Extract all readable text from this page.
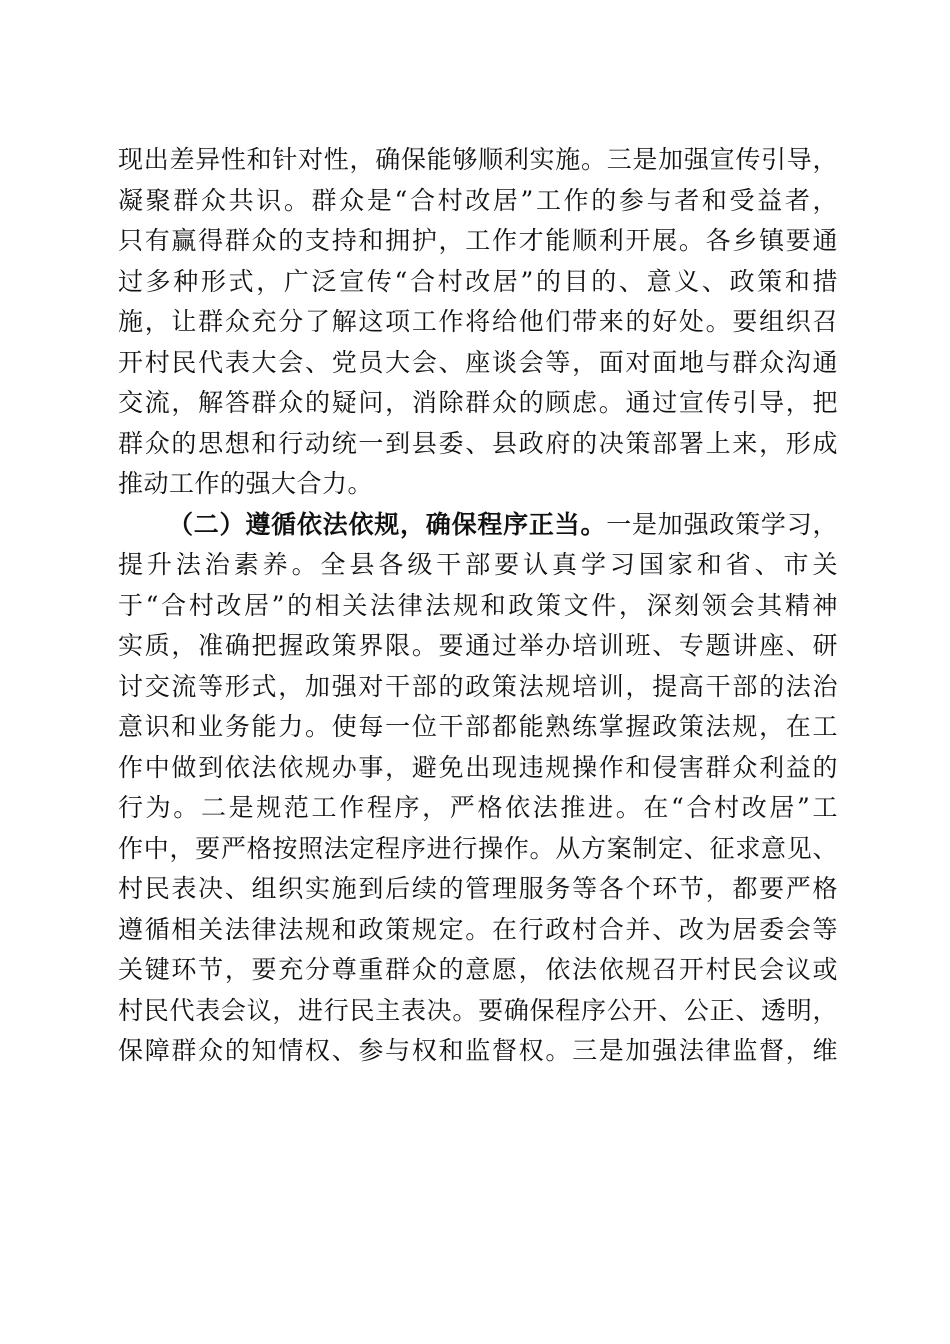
现出差异性和针对性，确保能够顺利实施。三是加强宣传引导，
凝聚群众共识。群众是“合村改居”工作的参与者和受益者，
只有赢得群众的支持和拥护，工作才能顺利开展。各乡镇要通
过多种形式，广泛宣传“合村改居”的目的、意义、政策和措
施，让群众充分了解这项工作将给他们带来的好处。要组织召
开村民代表大会、党员大会、座谈会等，面对面地与群众沟通
交流，解答群众的疑问，消除群众的顾虑。通过宣传引导，把
群众的思想和行动统一到县委、县政府的决策部署上来，形成
推动工作的强大合力。
（二）遵循依法依规，确保程序正当。一是加强政策学习，
提升法治素养。全县各级干部要认真学习国家和省、市关
于“合村改居”的相关法律法规和政策文件，深刻领会其精神
实质，准确把握政策界限。要通过举办培训班、专题讲座、研
讨交流等形式，加强对干部的政策法规培训，提高干部的法治
意识和业务能力。使每一位干部都能熟练掌握政策法规，在工
作中做到依法依规办事，避免出现违规操作和侵害群众利益的
行为。二是规范工作程序，严格依法推进。在“合村改居”工
作中，要严格按照法定程序进行操作。从方案制定、征求意见、
村民表决、组织实施到后续的管理服务等各个环节，都要严格
遵循相关法律法规和政策规定。在行政村合并、改为居委会等
关键环节，要充分尊重群众的意愿，依法依规召开村民会议或
村民代表会议，进行民主表决。要确保程序公开、公正、透明，
保障群众的知情权、参与权和监督权。三是加强法律监督，维
